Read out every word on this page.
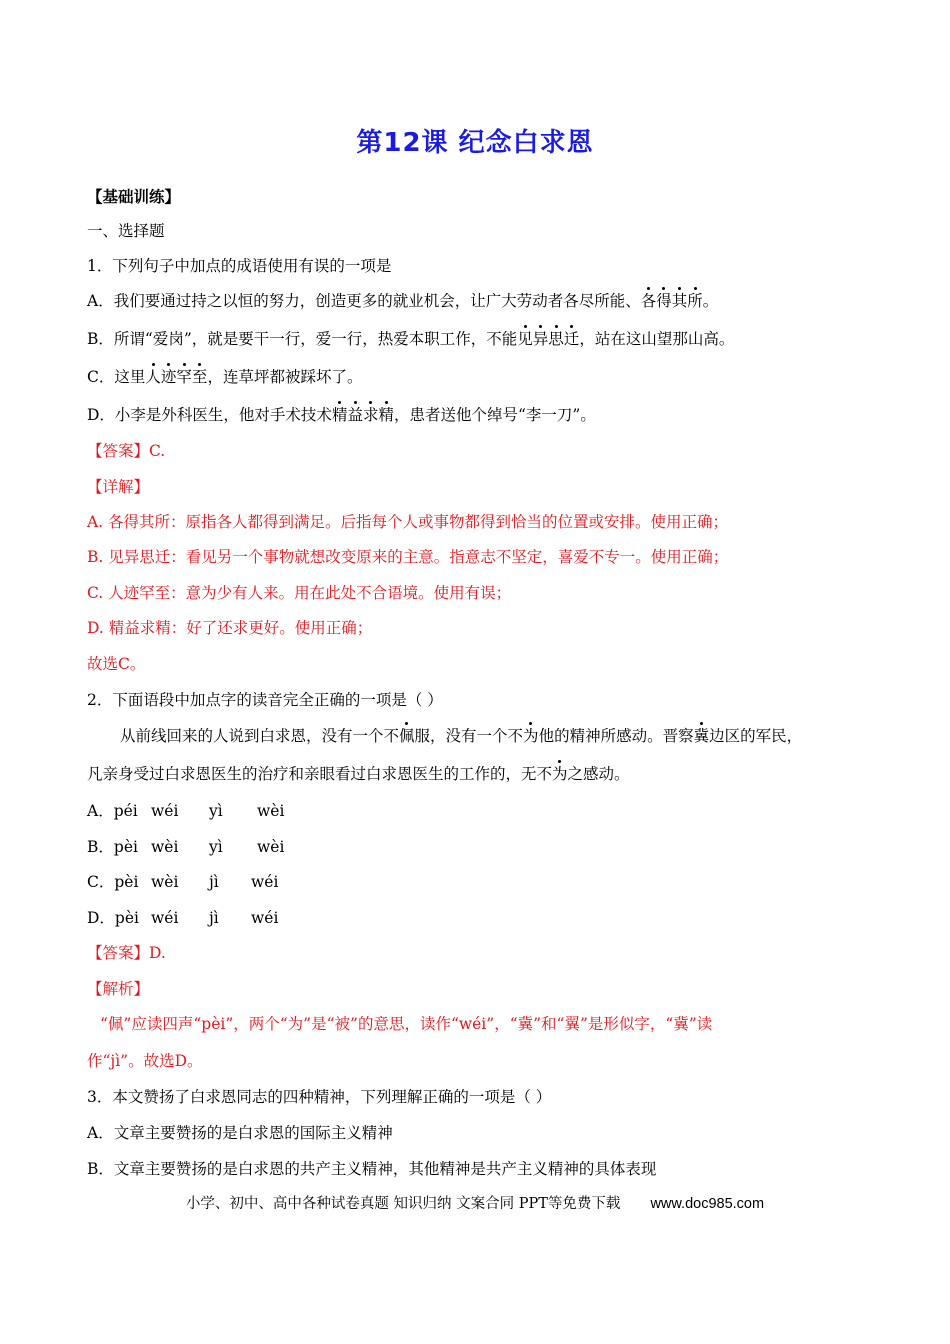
第12课 纪念白求恩
【基础训练】
一、选择题
1．下列句子中加点的成语使用有误的一项是
A．我们要通过持之以恒的努力，创造更多的就业机会，让广大劳动者各尽所能、各得其所。
B．所谓“爱岗”，就是要干一行，爱一行，热爱本职工作，不能见异思迁，站在这山望那山高。
C．这里人迹罕至，连草坪都被踩坏了。
D．小李是外科医生，他对手术技术精益求精，患者送他个绰号“李一刀”。
【答案】C.
【详解】
A. 各得其所：原指各人都得到满足。后指每个人或事物都得到恰当的位置或安排。使用正确；
B. 见异思迁：看见另一个事物就想改变原来的主意。指意志不坚定，喜爱不专一。使用正确；
C. 人迹罕至：意为少有人来。用在此处不合语境。使用有误；
D. 精益求精：好了还求更好。使用正确；
故选C。
2．下面语段中加点字的读音完全正确的一项是（ ）
从前线回来的人说到白求恩，没有一个不佩服，没有一个不为他的精神所感动。晋察冀边区的军民，
凡亲身受过白求恩医生的治疗和亲眼看过白求恩医生的工作的，无不为之感动。
A．péi wéi yì wèi
B．pèi wèi yì wèi
C．pèi wèi jì wéi
D．pèi wéi jì wéi
【答案】D.
【解析】
“佩”应读四声“pèi”，两个“为”是“被”的意思，读作“wéi”，“冀”和“翼”是形似字，“冀”读
作“jì”。故选D。
3．本文赞扬了白求恩同志的四种精神，下列理解正确的一项是（ ）
A．文章主要赞扬的是白求恩的国际主义精神
B．文章主要赞扬的是白求恩的共产主义精神，其他精神是共产主义精神的具体表现
小学、初中、高中各种试卷真题 知识归纳 文案合同 PPT等免费下载 www.doc985.com
